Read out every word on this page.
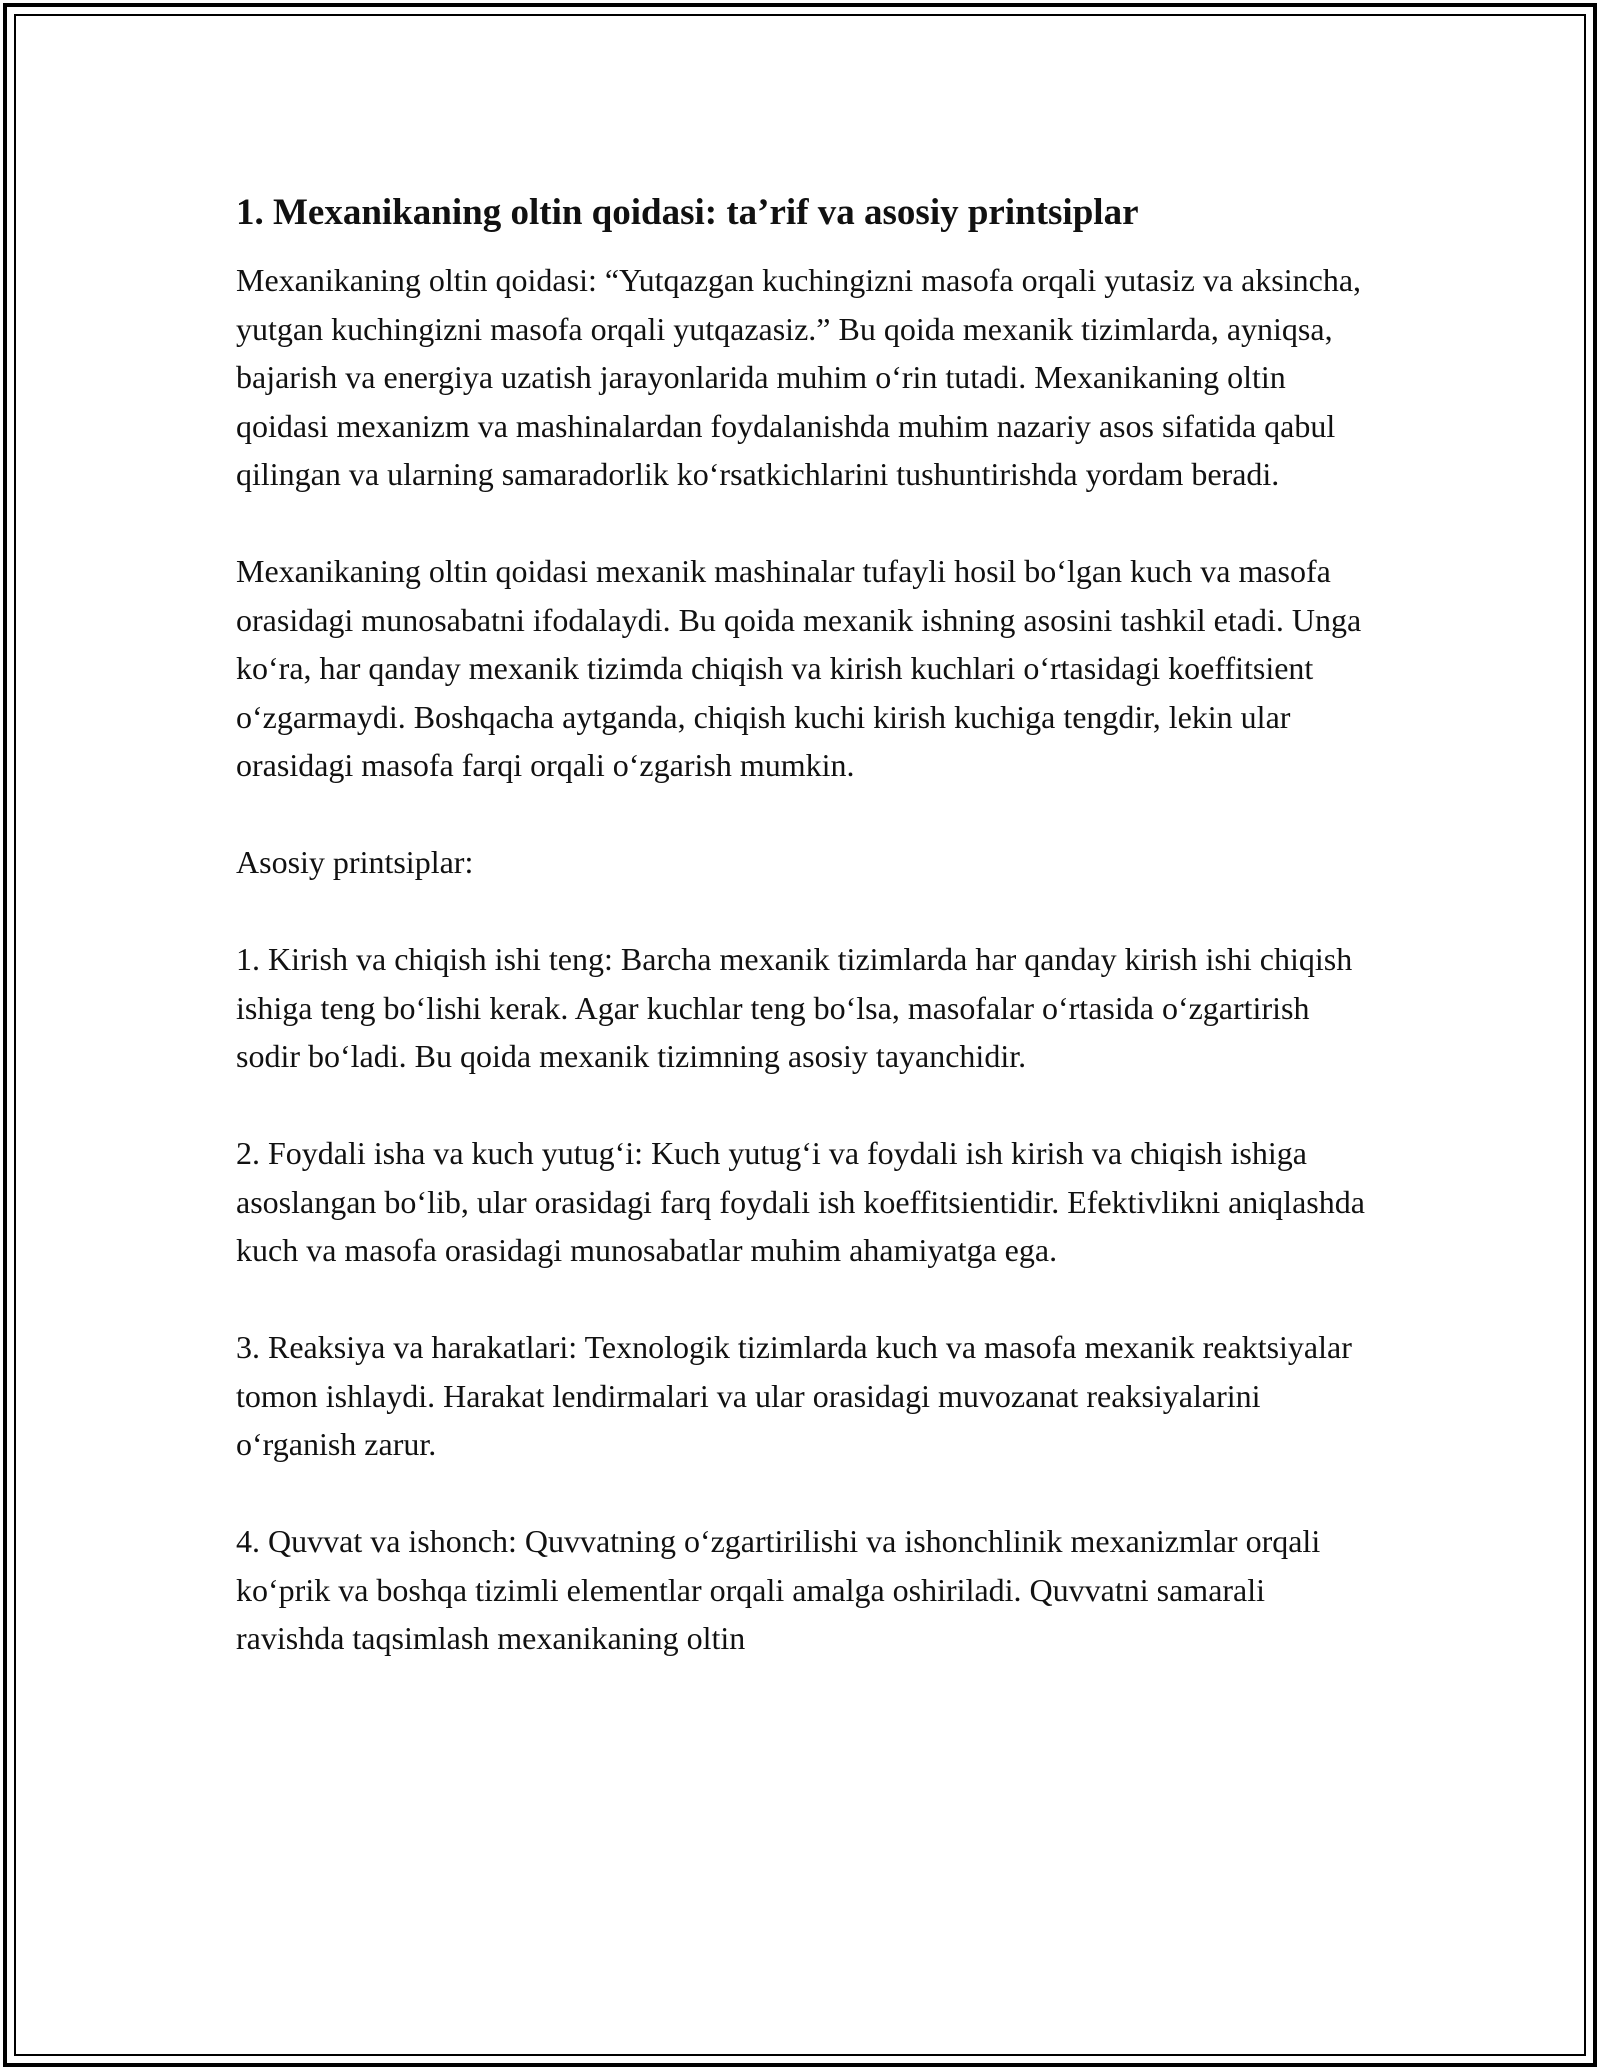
1. Mexanikaning oltin qoidasi: ta’rif va asosiy printsiplar

Mexanikaning oltin qoidasi: “Yutqazgan kuchingizni masofa orqali yutasiz va aksincha, yutgan kuchingizni masofa orqali yutqazasiz.” Bu qoida mexanik tizimlarda, ayniqsa, bajarish va energiya uzatish jarayonlarida muhim oʻrin tutadi. Mexanikaning oltin qoidasi mexanizm va mashinalardan foydalanishda muhim nazariy asos sifatida qabul qilingan va ularning samaradorlik koʻrsatkichlarini tushuntirishda yordam beradi.

Mexanikaning oltin qoidasi mexanik mashinalar tufayli hosil boʻlgan kuch va masofa orasidagi munosabatni ifodalaydi. Bu qoida mexanik ishning asosini tashkil etadi. Unga koʻra, har qanday mexanik tizimda chiqish va kirish kuchlari oʻrtasidagi koeffitsient oʻzgarmaydi. Boshqacha aytganda, chiqish kuchi kirish kuchiga tengdir, lekin ular orasidagi masofa farqi orqali oʻzgarish mumkin.

Asosiy printsiplar:

1. Kirish va chiqish ishi teng: Barcha mexanik tizimlarda har qanday kirish ishi chiqish ishiga teng boʻlishi kerak. Agar kuchlar teng boʻlsa, masofalar oʻrtasida oʻzgartirish sodir boʻladi. Bu qoida mexanik tizimning asosiy tayanchidir.

2. Foydali isha va kuch yutugʻi: Kuch yutugʻi va foydali ish kirish va chiqish ishiga asoslangan boʻlib, ular orasidagi farq foydali ish koeffitsientidir. Efektivlikni aniqlashda kuch va masofa orasidagi munosabatlar muhim ahamiyatga ega.

3. Reaksiya va harakatlari: Texnologik tizimlarda kuch va masofa mexanik reaktsiyalar tomon ishlaydi. Harakat lendirmalari va ular orasidagi muvozanat reaksiyalarini oʻrganish zarur.

4. Quvvat va ishonch: Quvvatning oʻzgartirilishi va ishonchlinik mexanizmlar orqali koʻprik va boshqa tizimli elementlar orqali amalga oshiriladi. Quvvatni samarali ravishda taqsimlash mexanikaning oltin
